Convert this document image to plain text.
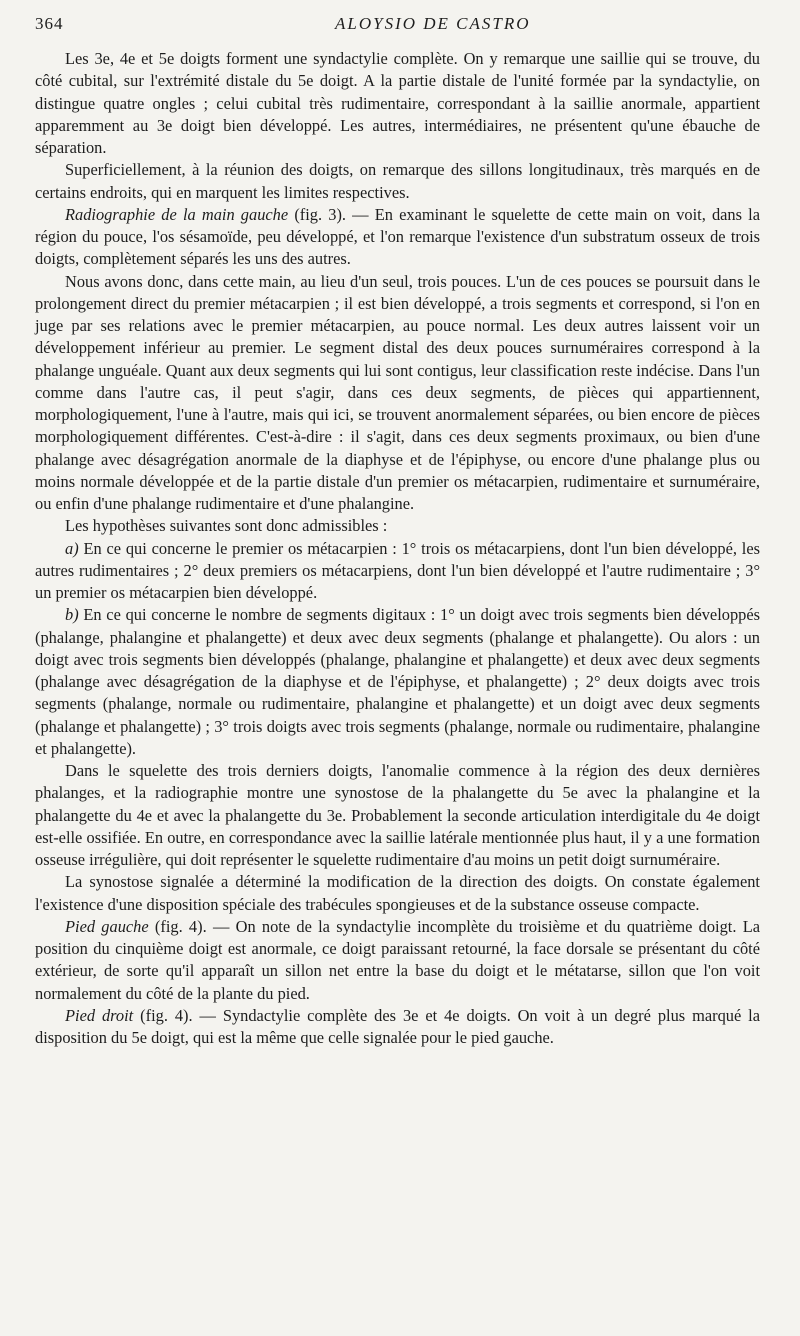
364	ALOYSIO DE CASTRO

Les 3e, 4e et 5e doigts forment une syndactylie complète. On y remarque une saillie qui se trouve, du côté cubital, sur l'extrémité distale du 5e doigt. A la partie distale de l'unité formée par la syndactylie, on distingue quatre ongles ; celui cubital très rudimentaire, correspondant à la saillie anormale, appartient apparemment au 3e doigt bien développé. Les autres, intermédiaires, ne présentent qu'une ébauche de séparation.

Superficiellement, à la réunion des doigts, on remarque des sillons longitudinaux, très marqués en de certains endroits, qui en marquent les limites respectives.

Radiographie de la main gauche (fig. 3). — En examinant le squelette de cette main on voit, dans la région du pouce, l'os sésamoïde, peu développé, et l'on remarque l'existence d'un substratum osseux de trois doigts, complètement séparés les uns des autres.

Nous avons donc, dans cette main, au lieu d'un seul, trois pouces. L'un de ces pouces se poursuit dans le prolongement direct du premier métacarpien ; il est bien développé, a trois segments et correspond, si l'on en juge par ses relations avec le premier métacarpien, au pouce normal. Les deux autres laissent voir un développement inférieur au premier. Le segment distal des deux pouces surnuméraires correspond à la phalange unguéale. Quant aux deux segments qui lui sont contigus, leur classification reste indécise. Dans l'un comme dans l'autre cas, il peut s'agir, dans ces deux segments, de pièces qui appartiennent, morphologiquement, l'une à l'autre, mais qui ici, se trouvent anormalement séparées, ou bien encore de pièces morphologiquement différentes. C'est-à-dire : il s'agit, dans ces deux segments proximaux, ou bien d'une phalange avec désagrégation anormale de la diaphyse et de l'épiphyse, ou encore d'une phalange plus ou moins normale développée et de la partie distale d'un premier os métacarpien, rudimentaire et surnuméraire, ou enfin d'une phalange rudimentaire et d'une phalangine.

Les hypothèses suivantes sont donc admissibles :

a) En ce qui concerne le premier os métacarpien : 1° trois os métacarpiens, dont l'un bien développé, les autres rudimentaires ; 2° deux premiers os métacarpiens, dont l'un bien développé et l'autre rudimentaire ; 3° un premier os métacarpien bien développé.

b) En ce qui concerne le nombre de segments digitaux : 1° un doigt avec trois segments bien développés (phalange, phalangine et phalangette) et deux avec deux segments (phalange et phalangette). Ou alors : un doigt avec trois segments bien développés (phalange, phalangine et phalangette) et deux avec deux segments (phalange avec désagrégation de la diaphyse et de l'épiphyse, et phalangette) ; 2° deux doigts avec trois segments (phalange, normale ou rudimentaire, phalangine et phalangette) et un doigt avec deux segments (phalange et phalangette) ; 3° trois doigts avec trois segments (phalange, normale ou rudimentaire, phalangine et phalangette).

Dans le squelette des trois derniers doigts, l'anomalie commence à la région des deux dernières phalanges, et la radiographie montre une synostose de la phalangette du 5e avec la phalangine et la phalangette du 4e et avec la phalangette du 3e. Probablement la seconde articulation interdigitale du 4e doigt est-elle ossifiée. En outre, en correspondance avec la saillie latérale mentionnée plus haut, il y a une formation osseuse irrégulière, qui doit représenter le squelette rudimentaire d'au moins un petit doigt surnuméraire.

La synostose signalée a déterminé la modification de la direction des doigts. On constate également l'existence d'une disposition spéciale des trabécules spongieuses et de la substance osseuse compacte.

Pied gauche (fig. 4). — On note de la syndactylie incomplète du troisième et du quatrième doigt. La position du cinquième doigt est anormale, ce doigt paraissant retourné, la face dorsale se présentant du côté extérieur, de sorte qu'il apparaît un sillon net entre la base du doigt et le métatarse, sillon que l'on voit normalement du côté de la plante du pied.

Pied droit (fig. 4). — Syndactylie complète des 3e et 4e doigts. On voit à un degré plus marqué la disposition du 5e doigt, qui est la même que celle signalée pour le pied gauche.
